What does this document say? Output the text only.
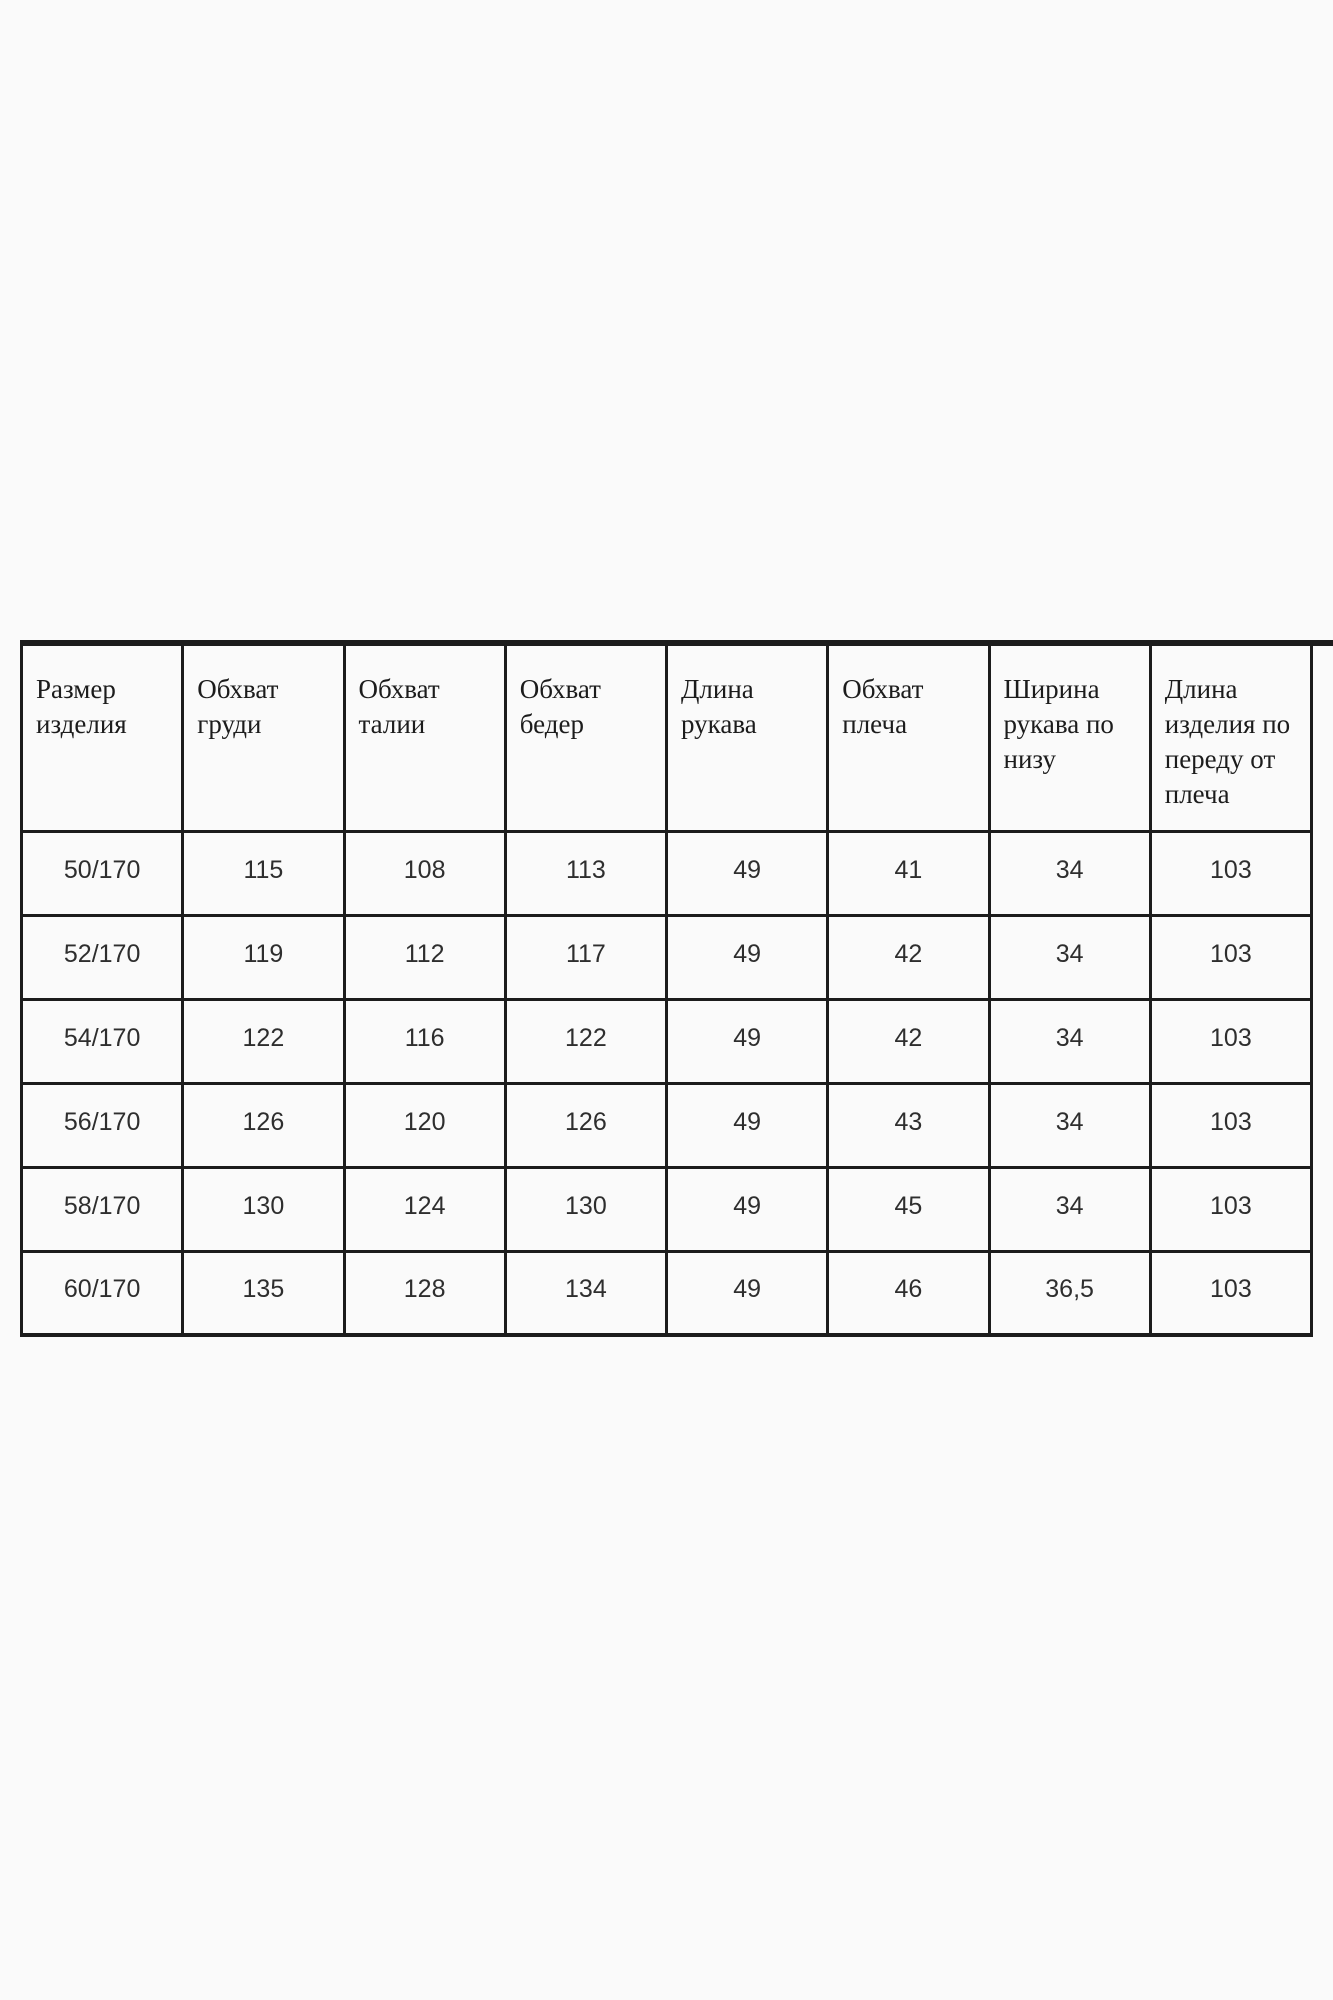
Размер изделия	Обхват груди	Обхват талии	Обхват бедер	Длина рукава	Обхват плеча	Ширина рукава по низу	Длина изделия по переду от плеча
50/170	115	108	113	49	41	34	103
52/170	119	112	117	49	42	34	103
54/170	122	116	122	49	42	34	103
56/170	126	120	126	49	43	34	103
58/170	130	124	130	49	45	34	103
60/170	135	128	134	49	46	36,5	103
